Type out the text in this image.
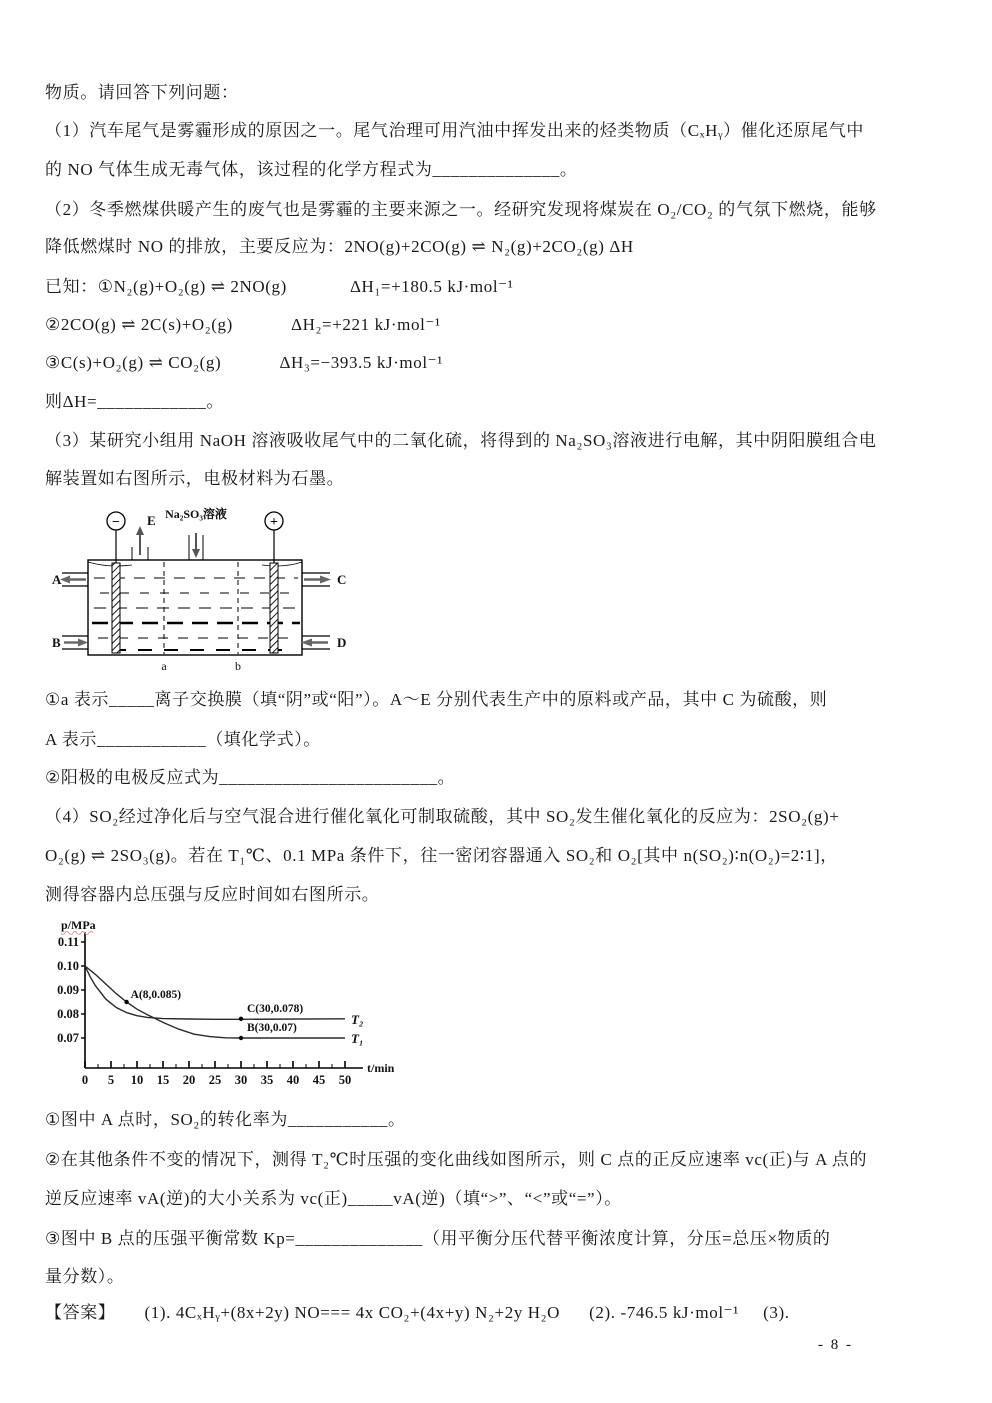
物质。请回答下列问题：
（1）汽车尾气是雾霾形成的原因之一。尾气治理可用汽油中挥发出来的烃类物质（CₓHᵧ）催化还原尾气中
的 NO 气体生成无毒气体，该过程的化学方程式为______________。
（2）冬季燃煤供暖产生的废气也是雾霾的主要来源之一。经研究发现将煤炭在 O₂/CO₂ 的气氛下燃烧，能够
降低燃煤时 NO 的排放，主要反应为：2NO(g)+2CO(g) ⇌ N₂(g)+2CO₂(g) ΔH
已知：①N₂(g)+O₂(g) ⇌ 2NO(g)             ΔH₁=+180.5 kJ·mol⁻¹
②2CO(g) ⇌ 2C(s)+O₂(g)            ΔH₂=+221 kJ·mol⁻¹
③C(s)+O₂(g) ⇌ CO₂(g)            ΔH₃=−393.5 kJ·mol⁻¹
则ΔH=____________。
（3）某研究小组用 NaOH 溶液吸收尾气中的二氧化硫，将得到的 Na₂SO₃溶液进行电解，其中阴阳膜组合电
解装置如右图所示，电极材料为石墨。
a	b
−	+
E Na₂SO₃溶液
A
B
C
D
①a 表示_____离子交换膜（填“阴”或“阳”）。A～E 分别代表生产中的原料或产品，其中 C 为硫酸，则
A 表示____________（填化学式）。
②阳极的电极反应式为________________________。
（4）SO₂经过净化后与空气混合进行催化氧化可制取硫酸，其中 SO₂发生催化氧化的反应为：2SO₂(g)+
O₂(g) ⇌ 2SO₃(g)。若在 T₁℃、0.1 MPa 条件下，往一密闭容器通入 SO₂和 O₂[其中 n(SO₂)∶n(O₂)=2∶1]，
测得容器内总压强与反应时间如右图所示。
p/MPa
t/min
0.07
0.08
0.09
0.10
0.11
0 5 10 15 20 25 30 35 40 45 50
T₁
T₂
A(8,0.085)
C(30,0.078)
B(30,0.07)
①图中 A 点时，SO₂的转化率为___________。
②在其他条件不变的情况下，测得 T₂℃时压强的变化曲线如图所示，则 C 点的正反应速率 vc(正)与 A 点的
逆反应速率 vA(逆)的大小关系为 vc(正)_____vA(逆)（填“>”、“<”或“=”）。
③图中 B 点的压强平衡常数 Kp=______________（用平衡分压代替平衡浓度计算，分压=总压×物质的
量分数）。
【答案】      (1). 4CₓHᵧ+(8x+2y) NO=== 4x CO₂+(4x+y) N₂+2y H₂O      (2). -746.5 kJ·mol⁻¹     (3).
- 8 -
